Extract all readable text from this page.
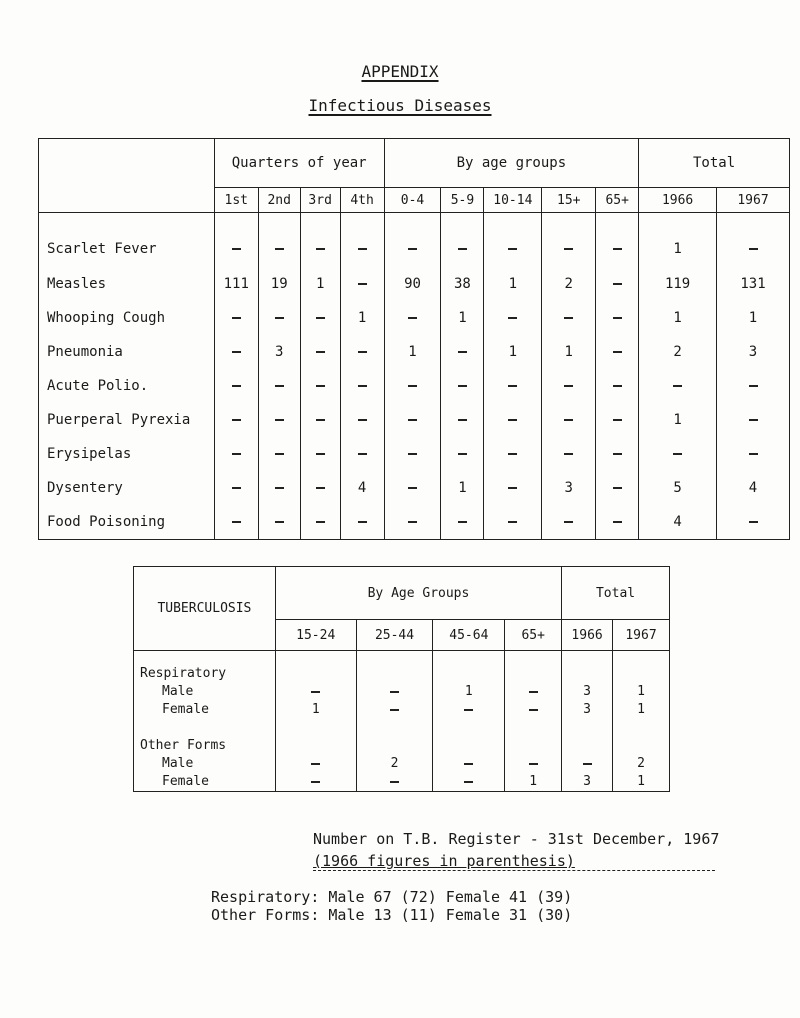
APPENDIX
Infectious Diseases
	Quarters of year				By age groups					Total	
	1st	2nd	3rd	4th	0-4	5-9	10-14	15+	65+	1966	1967
Scarlet Fever										1	
Measles	111	19	1		90	38	1	2		119	131
Whooping Cough				1		1				1	1
Pneumonia		3			1		1	1		2	3
Acute Polio.											
Puerperal Pyrexia										1	
Erysipelas											
Dysentery				4		1		3		5	4
Food Poisoning										4	
TUBERCULOSIS	By Age Groups				Total	
	15-24	25-44	45-64	65+	1966	1967
Respiratory						
Male			1		3	1
Female	1				3	1

Other Forms						
Male		2				2
Female				1	3	1
Number on T.B. Register - 31st December, 1967
(1966 figures in parenthesis)
Respiratory: Male 67 (72) Female 41 (39)
Other Forms: Male 13 (11) Female 31 (30)
